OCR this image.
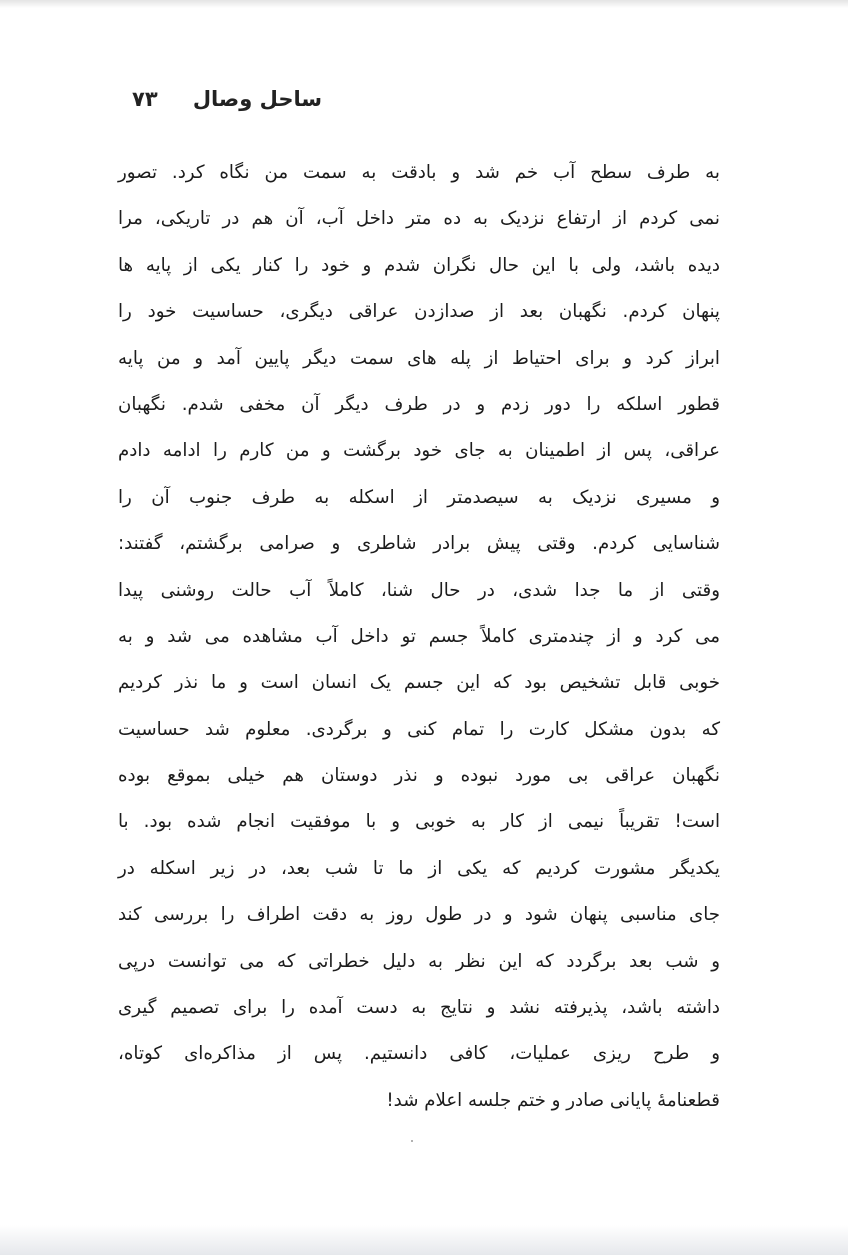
ساحل وصال
۷۳
به طرف سطح آب خم شد و بادقت به سمت من نگاه کرد. تصور
نمی کردم از ارتفاع نزدیک به ده متر داخل آب، آن هم در تاریکی، مرا
دیده باشد، ولی با این حال نگران شدم و خود را کنار یکی از پایه ها
پنهان کردم. نگهبان بعد از صدازدن عراقی دیگری، حساسیت خود را
ابراز کرد و برای احتیاط از پله های سمت دیگر پایین آمد و من پایه
قطور اسلکه را دور زدم و در طرف دیگر آن مخفی شدم. نگهبان
عراقی، پس از اطمینان به جای خود برگشت و من کارم را ادامه دادم
و مسیری نزدیک به سیصدمتر از اسکله به طرف جنوب آن را
شناسایی کردم. وقتی پیش برادر شاطری و صرامی برگشتم، گفتند:
وقتی از ما جدا شدی، در حال شنا، کاملاً آب حالت روشنی پیدا
می کرد و از چندمتری کاملاً جسم تو داخل آب مشاهده می شد و به
خوبی قابل تشخیص بود که این جسم یک انسان است و ما نذر کردیم
که بدون مشکل کارت را تمام کنی و برگردی. معلوم شد حساسیت
نگهبان عراقی بی مورد نبوده و نذر دوستان هم خیلی بموقع بوده
است! تقریباً نیمی از کار به خوبی و با موفقیت انجام شده بود. با
یکدیگر مشورت کردیم که یکی از ما تا شب بعد، در زیر اسکله در
جای مناسبی پنهان شود و در طول روز به دقت اطراف را بررسی کند
و شب بعد برگردد که این نظر به دلیل خطراتی که می توانست درپی
داشته باشد، پذیرفته نشد و نتایج به دست آمده را برای تصمیم گیری
و طرح ریزی عملیات، کافی دانستیم. پس از مذاکره‌ای کوتاه،
قطعنامهٔ پایانی صادر و ختم جلسه اعلام شد!
